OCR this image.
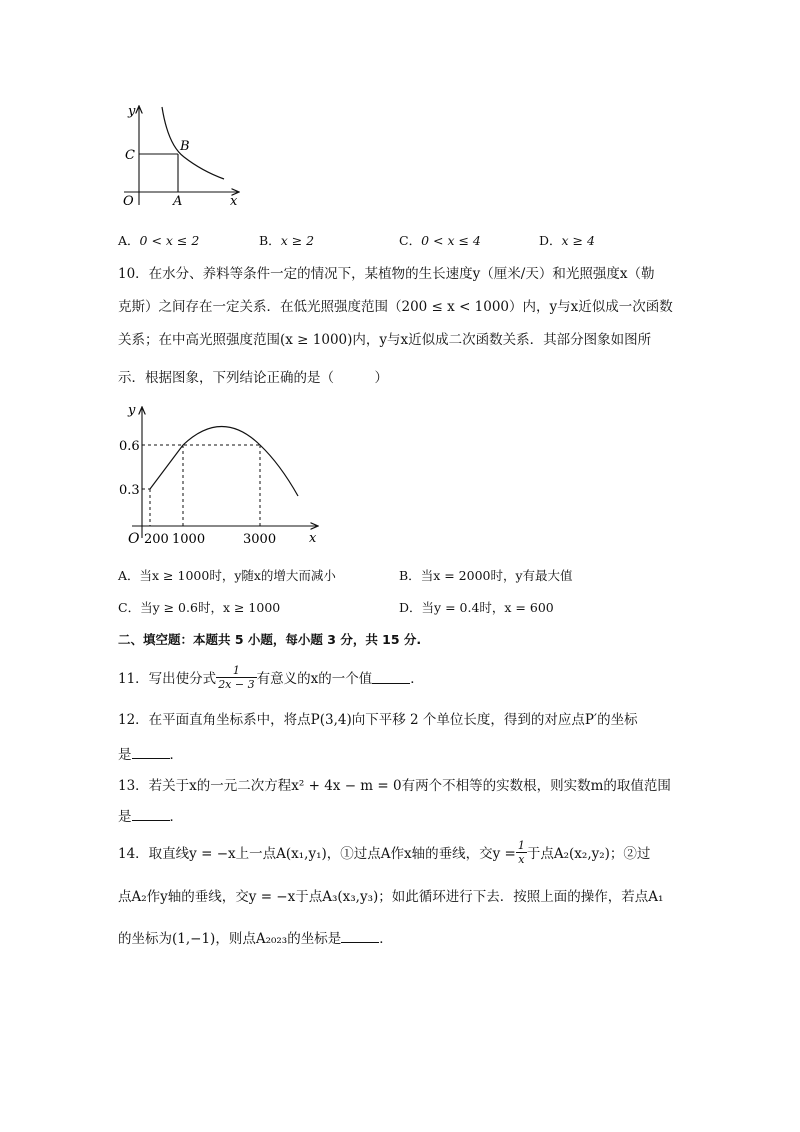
y
x
O	A
B
C
A．0 < x ≤ 2	B．x ≥ 2	C．0 < x ≤ 4	D．x ≥ 4
10．在水分、养料等条件一定的情况下，某植物的生长速度y（厘米/天）和光照强度x（勒
克斯）之间存在一定关系．在低光照强度范围（200 ≤ x < 1000）内，y与x近似成一次函数
关系；在中高光照强度范围(x ≥ 1000)内，y与x近似成二次函数关系．其部分图象如图所
示．根据图象，下列结论正确的是（　　　）
y
x
O
0.6
0.3
200 1000	3000
A．当x ≥ 1000时，y随x的增大而减小	B．当x = 2000时，y有最大值
C．当y ≥ 0.6时，x ≥ 1000	D．当y = 0.4时，x = 600
二、填空题：本题共 5 小题，每小题 3 分，共 15 分.
11．写出使分式 $\frac{1}{2x - 3}$ 有意义的x的一个值	．
12．在平面直角坐标系中，将点P(3,4)向下平移 2 个单位长度，得到的对应点P′的坐标
是	．
13．若关于x的一元二次方程x² + 4x − m = 0有两个不相等的实数根，则实数m的取值范围
是	．
14．取直线y = −x上一点A(x₁,y₁)，①过点A作x轴的垂线，交$y = \frac{1}{x}$ 于点A₂(x₂,y₂)；②过
点A₂作y轴的垂线，交y = −x于点A₃(x₃,y₃)；如此循环进行下去．按照上面的操作，若点A₁
的坐标为(1,−1)，则点A₂₀₂₃的坐标是	．
